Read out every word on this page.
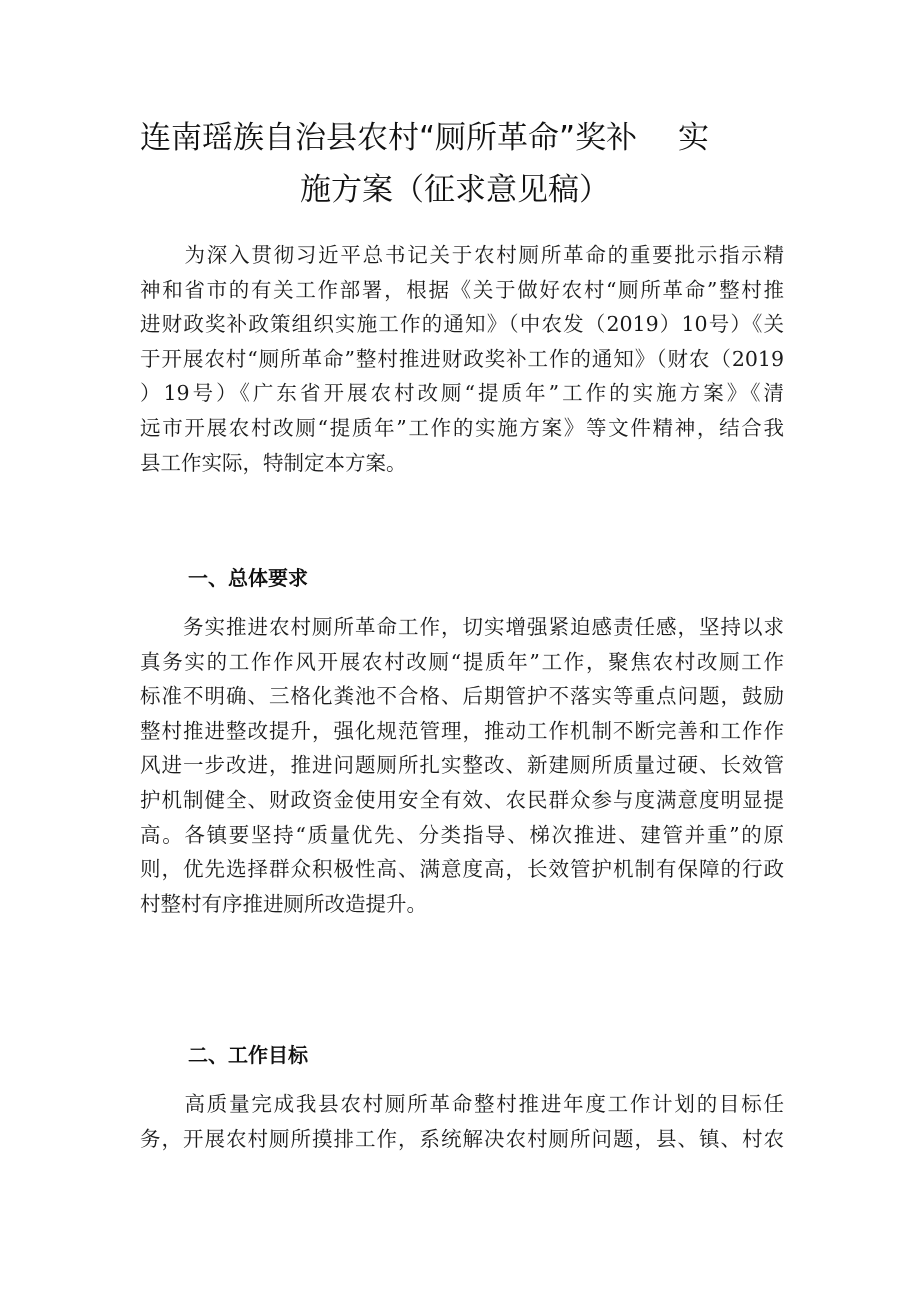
连南瑶族自治县农村“厕所革命”奖补　 实
施方案（征求意见稿）
　　为深入贯彻习近平总书记关于农村厕所革命的重要批示指示精
神和省市的有关工作部署，根据《关于做好农村“厕所革命”整村推
进财政奖补政策组织实施工作的通知》（中农发（2019）10号）《关
于开展农村“厕所革命”整村推进财政奖补工作的通知》（财农（2019
）19号）《广东省开展农村改厕“提质年”工作的实施方案》《清
远市开展农村改厕“提质年”工作的实施方案》等文件精神，结合我
县工作实际，特制定本方案。
一、总体要求
　　务实推进农村厕所革命工作，切实增强紧迫感责任感，坚持以求
真务实的工作作风开展农村改厕“提质年”工作，聚焦农村改厕工作
标准不明确、三格化粪池不合格、后期管护不落实等重点问题，鼓励
整村推进整改提升，强化规范管理，推动工作机制不断完善和工作作
风进一步改进，推进问题厕所扎实整改、新建厕所质量过硬、长效管
护机制健全、财政资金使用安全有效、农民群众参与度满意度明显提
高。各镇要坚持“质量优先、分类指导、梯次推进、建管并重”的原
则，优先选择群众积极性高、满意度高，长效管护机制有保障的行政
村整村有序推进厕所改造提升。
二、工作目标
　　高质量完成我县农村厕所革命整村推进年度工作计划的目标任
务，开展农村厕所摸排工作，系统解决农村厕所问题，县、镇、村农
